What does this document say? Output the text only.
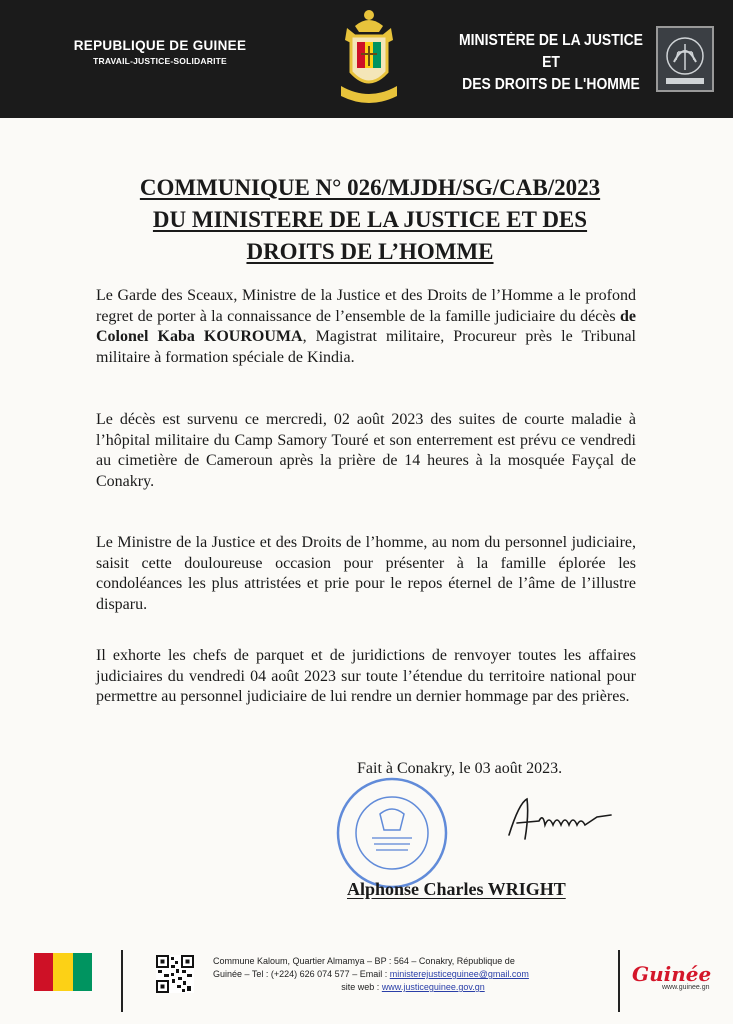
REPUBLIQUE DE GUINEE
TRAVAIL-JUSTICE-SOLIDARITE
MINISTÈRE DE LA JUSTICE ET
DES DROITS DE L'HOMME
COMMUNIQUE N° 026/MJDH/SG/CAB/2023
DU MINISTERE DE LA JUSTICE ET DES
DROITS DE L’HOMME
Le Garde des Sceaux, Ministre de la Justice et des Droits de l’Homme a le profond regret de porter à la connaissance de l’ensemble de la famille judiciaire du décès de Colonel Kaba KOUROUMA, Magistrat militaire, Procureur près le Tribunal militaire à formation spéciale de Kindia.
Le décès est survenu ce mercredi, 02 août 2023 des suites de courte maladie à l’hôpital militaire du Camp Samory Touré et son enterrement est prévu ce vendredi au cimetière de Cameroun après la prière de 14 heures à la mosquée Fayçal de Conakry.
Le Ministre de la Justice et des Droits de l’homme, au nom du personnel judiciaire, saisit cette douloureuse occasion pour présenter à la famille éplorée les condoléances les plus attristées et prie pour le repos éternel de l’âme de l’illustre disparu.
Il exhorte les chefs de parquet et de juridictions de renvoyer toutes les affaires judiciaires du vendredi 04 août 2023 sur toute l’étendue du territoire national pour permettre au personnel judiciaire de lui rendre un dernier hommage par des prières.
Fait à Conakry, le 03 août 2023.
Alphonse Charles WRIGHT
Commune Kaloum, Quartier Almamya – BP : 564 – Conakry, République de
Guinée – Tel : (+224) 626 074 577 – Email : ministerejusticeguinee@gmail.com
site web : www.justiceguinee.gov.gn
Guinée
www.guinee.gn
